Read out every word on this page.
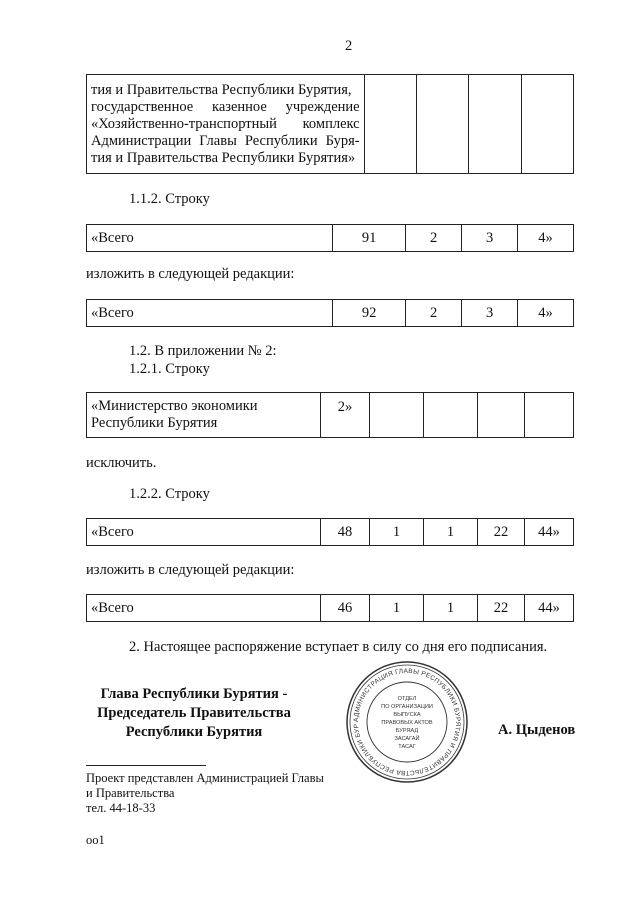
2
тия и Правительства Республики Бурятия,
государственное казенное учреждение
«Хозяйственно-транспортный комплекс
Администрации Главы Республики Буря-
тия и Правительства Республики Бурятия»

1.1.2. Строку
«Всего	91	2	3	4»
изложить в следующей редакции:
«Всего	92	2	3	4»
1.2. В приложении № 2:
1.2.1. Строку
«Министерство экономики
Республики Бурятия
	2»				
исключить.
1.2.2. Строку
«Всего	48	1	1	22	44»
изложить в следующей редакции:
«Всего	46	1	1	22	44»
2. Настоящее распоряжение вступает в силу со дня его подписания.
Глава Республики Бурятия -
Председатель Правительства
Республики Бурятия
АДМИНИСТРАЦИЯ ГЛАВЫ РЕСПУБЛИКИ БУРЯТИЯ И ПРАВИТЕЛЬСТВА РЕСПУБЛИКИ БУР
ОТДЕЛ
ПО ОРГАНИЗАЦИИ
ВЫПУСКА
ПРАВОВЫХ АКТОВ
БУРЯАД
ЗАСАГАЙ
ТАСАГ
А. Цыденов
Проект представлен Администрацией Главы
и Правительства
тел. 44-18-33
оо1
